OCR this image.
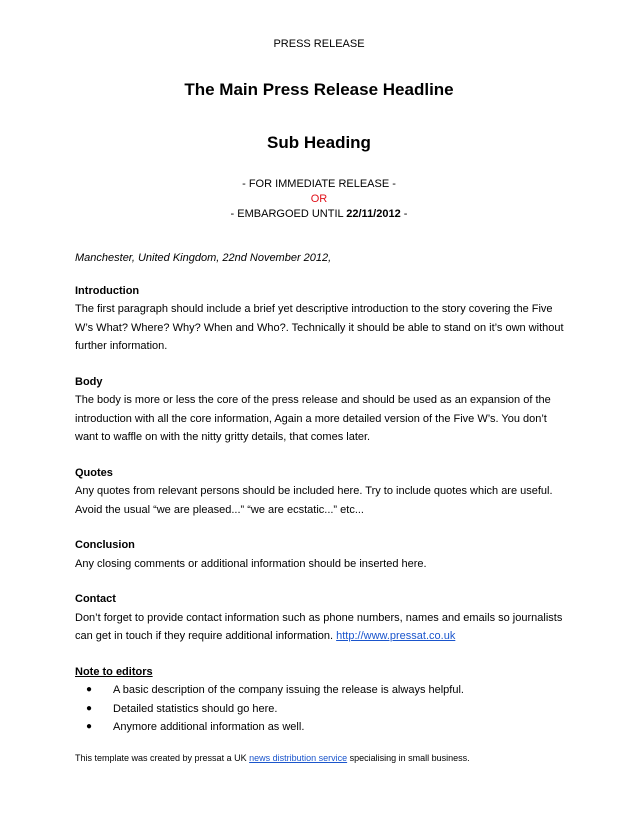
PRESS RELEASE
The Main Press Release Headline
Sub Heading
- FOR IMMEDIATE RELEASE -
OR
- EMBARGOED UNTIL 22/11/2012 -

Manchester, United Kingdom, 22nd November 2012,

Introduction
The first paragraph should include a brief yet descriptive introduction to the story covering the Five W’s What? Where? Why? When and Who?. Technically it should be able to stand on it’s own without further information.
Body
The body is more or less the core of the press release and should be used as an expansion of the introduction with all the core information, Again a more detailed version of the Five W’s. You don’t want to waffle on with the nitty gritty details, that comes later.
Quotes
Any quotes from relevant persons should be included here. Try to include quotes which are useful. Avoid the usual “we are pleased...” “we are ecstatic...” etc...
Conclusion
Any closing comments or additional information should be inserted here.
Contact
Don’t forget to provide contact information such as phone numbers, names and emails so journalists can get in touch if they require additional information. http://www.pressat.co.uk
Note to editors
● A basic description of the company issuing the release is always helpful.
● Detailed statistics should go here.
● Anymore additional information as well.
This template was created by pressat a UK news distribution service specialising in small business.
